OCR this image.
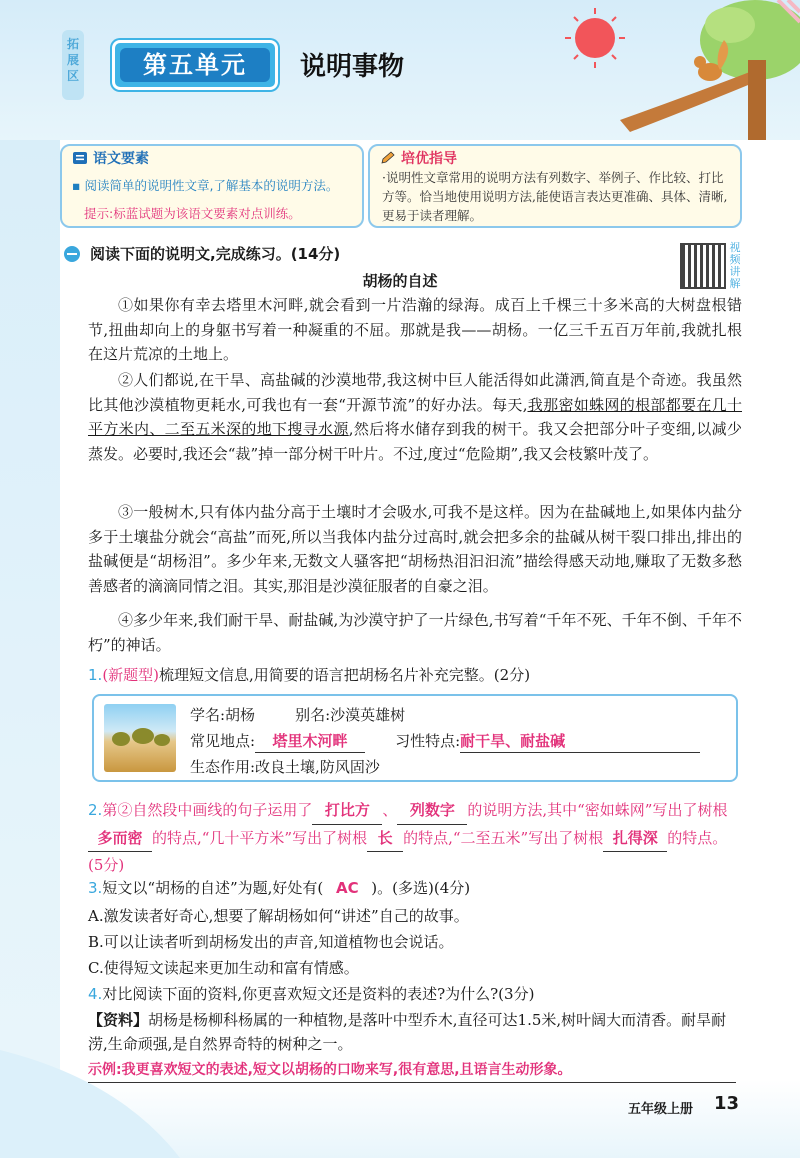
拓展区	第五单元	说明事物
语文要素
▪ 阅读简单的说明性文章,了解基本的说明方法。
提示:标蓝试题为该语文要素对点训练。
培优指导
·说明性文章常用的说明方法有列数字、举例子、作比较、打比方等。恰当地使用说明方法,能使语言表达更准确、具体、清晰,更易于读者理解。
阅读下面的说明文,完成练习。(14分)	视频讲解
胡杨的自述
①如果你有幸去塔里木河畔,就会看到一片浩瀚的绿海。成百上千棵三十多米高的大树盘根错节,扭曲却向上的身躯书写着一种凝重的不屈。那就是我——胡杨。一亿三千五百万年前,我就扎根在这片荒凉的土地上。
②人们都说,在干旱、高盐碱的沙漠地带,我这树中巨人能活得如此潇洒,简直是个奇迹。我虽然比其他沙漠植物更耗水,可我也有一套“开源节流”的好办法。每天,我那密如蛛网的根部都要在几十平方米内、二至五米深的地下搜寻水源,然后将水储存到我的树干。我又会把部分叶子变细,以减少蒸发。必要时,我还会“裁”掉一部分树干叶片。不过,度过“危险期”,我又会枝繁叶茂了。
③一般树木,只有体内盐分高于土壤时才会吸水,可我不是这样。因为在盐碱地上,如果体内盐分多于土壤盐分就会“高盐”而死,所以当我体内盐分过高时,就会把多余的盐碱从树干裂口排出,排出的盐碱便是“胡杨泪”。多少年来,无数文人骚客把“胡杨热泪汩汩流”描绘得感天动地,赚取了无数多愁善感者的滴滴同情之泪。其实,那泪是沙漠征服者的自豪之泪。
④多少年来,我们耐干旱、耐盐碱,为沙漠守护了一片绿色,书写着“千年不死、千年不倒、千年不朽”的神话。
1.(新题型)梳理短文信息,用简要的语言把胡杨名片补充完整。(2分)
学名:胡杨	别名:沙漠英雄树
常见地点: 塔里木河畔	习性特点:耐干旱、耐盐碱
生态作用:改良土壤,防风固沙
2.第②自然段中画线的句子运用了 打比方 、 列数字 的说明方法,其中“密如蛛网”写出了树根多而密 的特点,“几十平方米”写出了树根 长 的特点,“二至五米”写出了树根 扎得深 的特点。(5分)
3.短文以“胡杨的自述”为题,好处有( AC )。(多选)(4分)
A.激发读者好奇心,想要了解胡杨如何“讲述”自己的故事。
B.可以让读者听到胡杨发出的声音,知道植物也会说话。
C.使得短文读起来更加生动和富有情感。
4.对比阅读下面的资料,你更喜欢短文还是资料的表述?为什么?(3分)
【资料】胡杨是杨柳科杨属的一种植物,是落叶中型乔木,直径可达1.5米,树叶阔大而清香。耐旱耐涝,生命顽强,是自然界奇特的树种之一。
示例:我更喜欢短文的表述,短文以胡杨的口吻来写,很有意思,且语言生动形象。
五年级上册 13
